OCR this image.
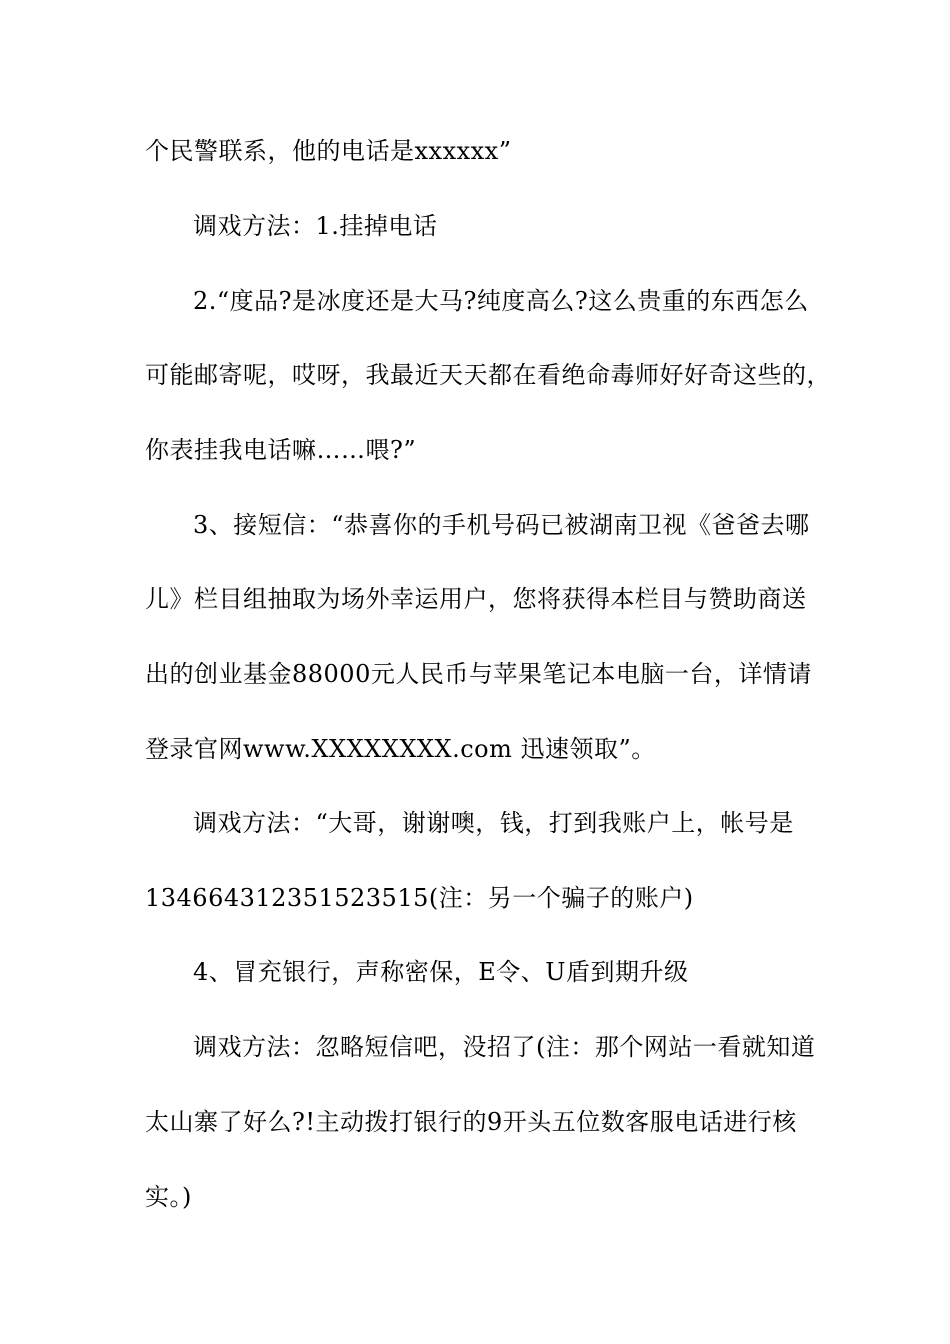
个民警联系，他的电话是xxxxxx”
调戏方法：1.挂掉电话
2.“度品?是冰度还是大马?纯度高么?这么贵重的东西怎么
可能邮寄呢，哎呀，我最近天天都在看绝命毒师好好奇这些的，
你表挂我电话嘛……喂?”
3、接短信：“恭喜你的手机号码已被湖南卫视《爸爸去哪
儿》栏目组抽取为场外幸运用户，您将获得本栏目与赞助商送
出的创业基金88000元人民币与苹果笔记本电脑一台，详情请
登录官网www.XXXXXXXX.com 迅速领取”。
调戏方法：“大哥，谢谢噢，钱，打到我账户上，帐号是
134664312351523515(注：另一个骗子的账户)
4、冒充银行，声称密保，E令、U盾到期升级
调戏方法：忽略短信吧，没招了(注：那个网站一看就知道
太山寨了好么?!主动拨打银行的9开头五位数客服电话进行核
实。)
